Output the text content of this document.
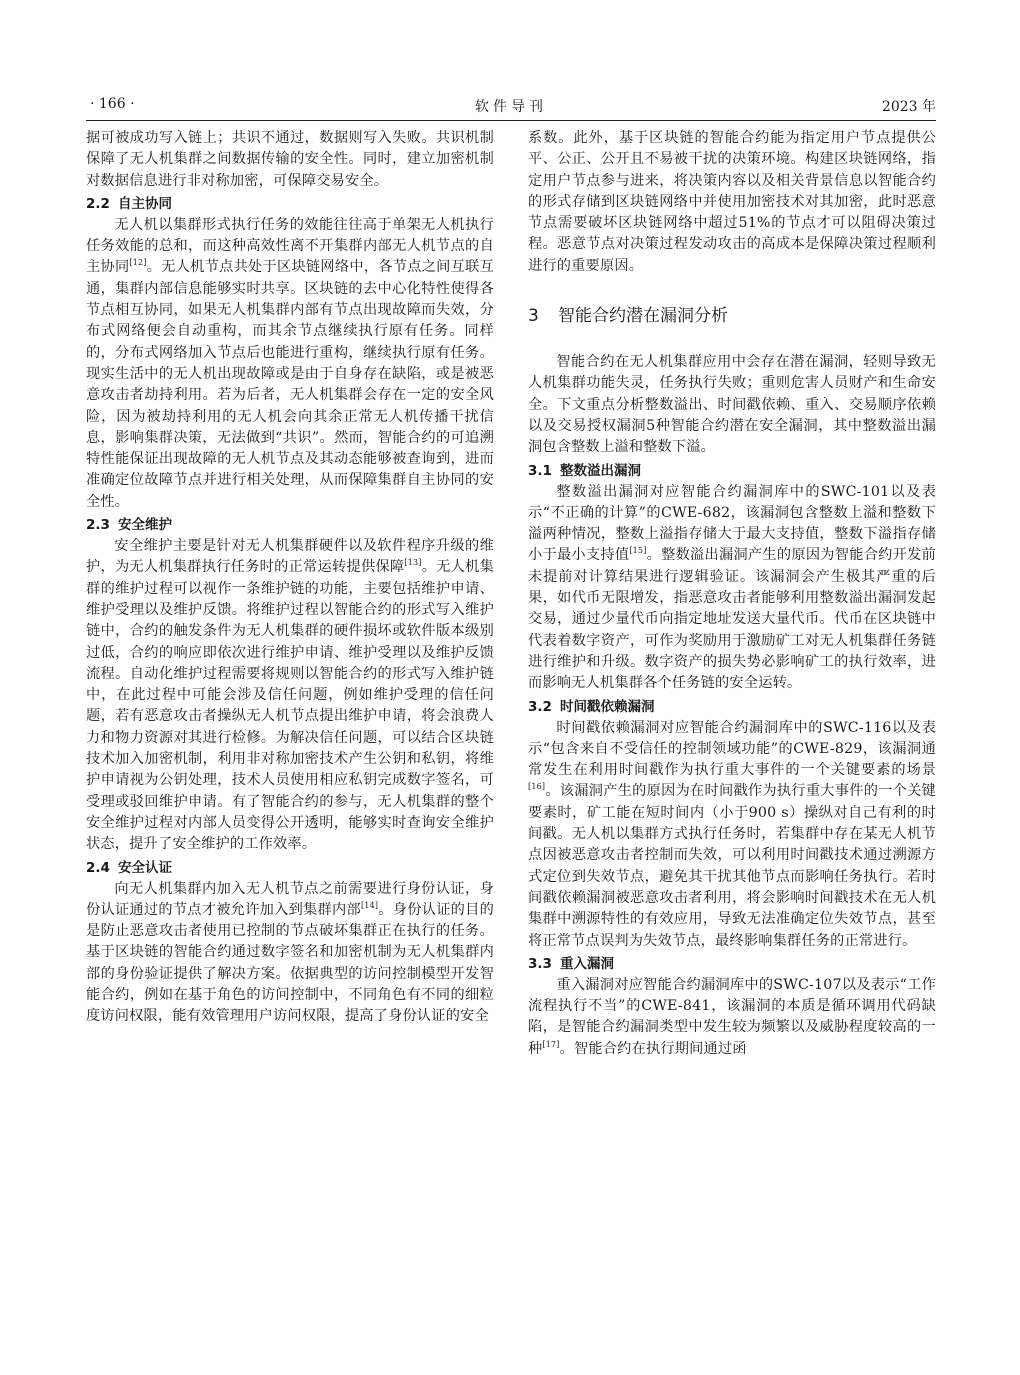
· 166 ·	软件导刊	2023 年

据可被成功写入链上；共识不通过，数据则写入失败。共识机制保障了无人机集群之间数据传输的安全性。同时，建立加密机制对数据信息进行非对称加密，可保障交易安全。

2.2 自主协同

无人机以集群形式执行任务的效能往往高于单架无人机执行任务效能的总和，而这种高效性离不开集群内部无人机节点的自主协同[12]。无人机节点共处于区块链网络中，各节点之间互联互通，集群内部信息能够实时共享。区块链的去中心化特性使得各节点相互协同，如果无人机集群内部有节点出现故障而失效，分布式网络便会自动重构，而其余节点继续执行原有任务。同样的，分布式网络加入节点后也能进行重构，继续执行原有任务。现实生活中的无人机出现故障或是由于自身存在缺陷，或是被恶意攻击者劫持利用。若为后者，无人机集群会存在一定的安全风险，因为被劫持利用的无人机会向其余正常无人机传播干扰信息，影响集群决策，无法做到“共识”。然而，智能合约的可追溯特性能保证出现故障的无人机节点及其动态能够被查询到，进而准确定位故障节点并进行相关处理，从而保障集群自主协同的安全性。

2.3 安全维护

安全维护主要是针对无人机集群硬件以及软件程序升级的维护，为无人机集群执行任务时的正常运转提供保障[13]。无人机集群的维护过程可以视作一条维护链的功能，主要包括维护申请、维护受理以及维护反馈。将维护过程以智能合约的形式写入维护链中，合约的触发条件为无人机集群的硬件损坏或软件版本级别过低，合约的响应即依次进行维护申请、维护受理以及维护反馈流程。自动化维护过程需要将规则以智能合约的形式写入维护链中，在此过程中可能会涉及信任问题，例如维护受理的信任问题，若有恶意攻击者操纵无人机节点提出维护申请，将会浪费人力和物力资源对其进行检修。为解决信任问题，可以结合区块链技术加入加密机制，利用非对称加密技术产生公钥和私钥，将维护申请视为公钥处理，技术人员使用相应私钥完成数字签名，可受理或驳回维护申请。有了智能合约的参与，无人机集群的整个安全维护过程对内部人员变得公开透明，能够实时查询安全维护状态，提升了安全维护的工作效率。

2.4 安全认证

向无人机集群内加入无人机节点之前需要进行身份认证，身份认证通过的节点才被允许加入到集群内部[14]。身份认证的目的是防止恶意攻击者使用已控制的节点破坏集群正在执行的任务。基于区块链的智能合约通过数字签名和加密机制为无人机集群内部的身份验证提供了解决方案。依据典型的访问控制模型开发智能合约，例如在基于角色的访问控制中，不同角色有不同的细粒度访问权限，能有效管理用户访问权限，提高了身份认证的安全

系数。此外，基于区块链的智能合约能为指定用户节点提供公平、公正、公开且不易被干扰的决策环境。构建区块链网络，指定用户节点参与进来，将决策内容以及相关背景信息以智能合约的形式存储到区块链网络中并使用加密技术对其加密，此时恶意节点需要破坏区块链网络中超过51%的节点才可以阻碍决策过程。恶意节点对决策过程发动攻击的高成本是保障决策过程顺利进行的重要原因。

3 智能合约潜在漏洞分析

智能合约在无人机集群应用中会存在潜在漏洞，轻则导致无人机集群功能失灵，任务执行失败；重则危害人员财产和生命安全。下文重点分析整数溢出、时间戳依赖、重入、交易顺序依赖以及交易授权漏洞5种智能合约潜在安全漏洞，其中整数溢出漏洞包含整数上溢和整数下溢。

3.1 整数溢出漏洞

整数溢出漏洞对应智能合约漏洞库中的SWC-101以及表示“不正确的计算”的CWE-682，该漏洞包含整数上溢和整数下溢两种情况，整数上溢指存储大于最大支持值，整数下溢指存储小于最小支持值[15]。整数溢出漏洞产生的原因为智能合约开发前未提前对计算结果进行逻辑验证。该漏洞会产生极其严重的后果，如代币无限增发，指恶意攻击者能够利用整数溢出漏洞发起交易，通过少量代币向指定地址发送大量代币。代币在区块链中代表着数字资产，可作为奖励用于激励矿工对无人机集群任务链进行维护和升级。数字资产的损失势必影响矿工的执行效率，进而影响无人机集群各个任务链的安全运转。

3.2 时间戳依赖漏洞

时间戳依赖漏洞对应智能合约漏洞库中的SWC-116以及表示“包含来自不受信任的控制领域功能”的CWE-829，该漏洞通常发生在利用时间戳作为执行重大事件的一个关键要素的场景[16]。该漏洞产生的原因为在时间戳作为执行重大事件的一个关键要素时，矿工能在短时间内（小于900 s）操纵对自己有利的时间戳。无人机以集群方式执行任务时，若集群中存在某无人机节点因被恶意攻击者控制而失效，可以利用时间戳技术通过溯源方式定位到失效节点，避免其干扰其他节点而影响任务执行。若时间戳依赖漏洞被恶意攻击者利用，将会影响时间戳技术在无人机集群中溯源特性的有效应用，导致无法准确定位失效节点，甚至将正常节点误判为失效节点，最终影响集群任务的正常进行。

3.3 重入漏洞

重入漏洞对应智能合约漏洞库中的SWC-107以及表示“工作流程执行不当”的CWE-841，该漏洞的本质是循环调用代码缺陷，是智能合约漏洞类型中发生较为频繁以及威胁程度较高的一种[17]。智能合约在执行期间通过函
